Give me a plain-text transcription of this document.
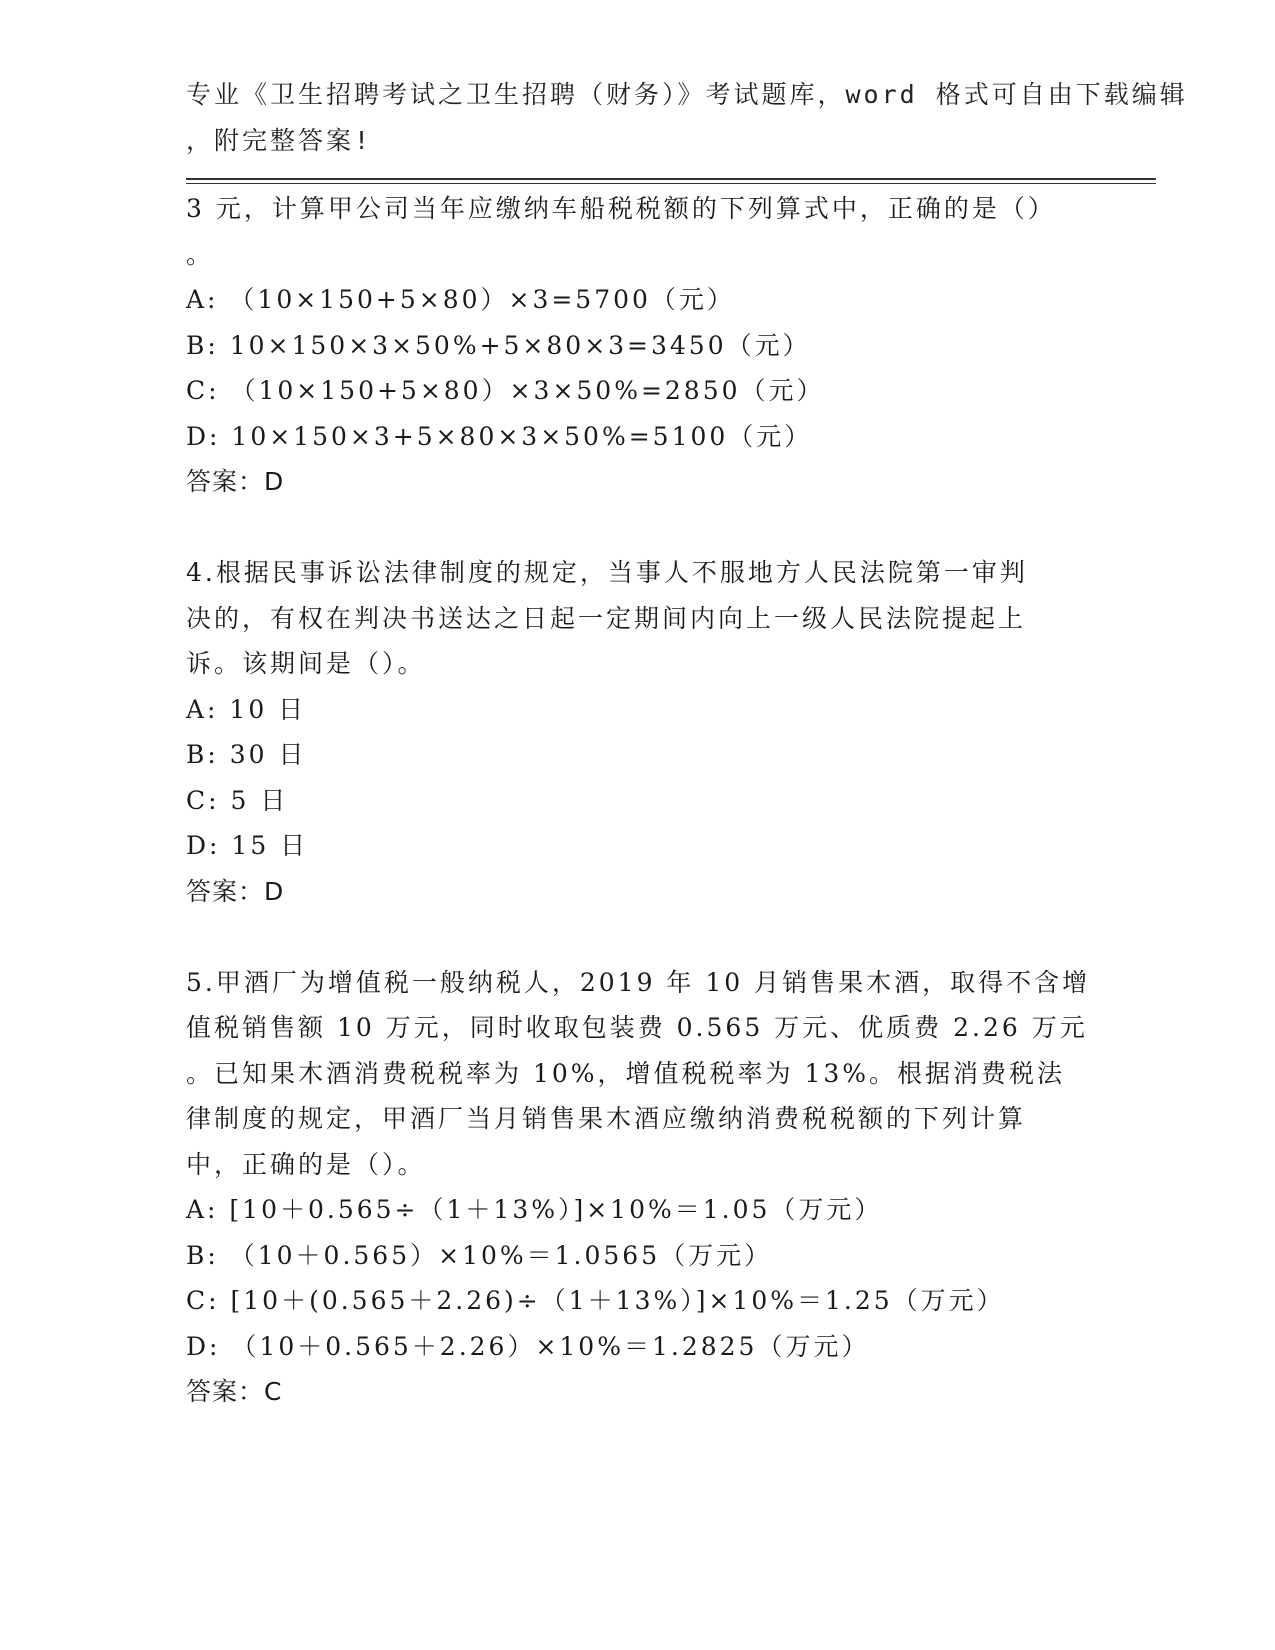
专业《卫生招聘考试之卫生招聘（财务）》考试题库，word 格式可自由下载编辑
，附完整答案!
3 元，计算甲公司当年应缴纳车船税税额的下列算式中，正确的是（）
。
A: （10×150+5×80）×3=5700（元）
B: 10×150×3×50%+5×80×3=3450（元）
C: （10×150+5×80）×3×50%=2850（元）
D: 10×150×3+5×80×3×50%=5100（元）
答案：D
4.根据民事诉讼法律制度的规定，当事人不服地方人民法院第一审判
决的，有权在判决书送达之日起一定期间内向上一级人民法院提起上
诉。该期间是（）。
A: 10 日
B: 30 日
C: 5 日
D: 15 日
答案：D
5.甲酒厂为增值税一般纳税人，2019 年 10 月销售果木酒，取得不含增
值税销售额 10 万元，同时收取包装费 0.565 万元、优质费 2.26 万元
。已知果木酒消费税税率为 10%，增值税税率为 13%。根据消费税法
律制度的规定，甲酒厂当月销售果木酒应缴纳消费税税额的下列计算
中，正确的是（）。
A: [10＋0.565÷（1＋13%）]×10%＝1.05（万元）
B: （10＋0.565）×10%＝1.0565（万元）
C: [10＋(0.565＋2.26)÷（1＋13%）]×10%＝1.25（万元）
D: （10＋0.565＋2.26）×10%＝1.2825（万元）
答案：C
